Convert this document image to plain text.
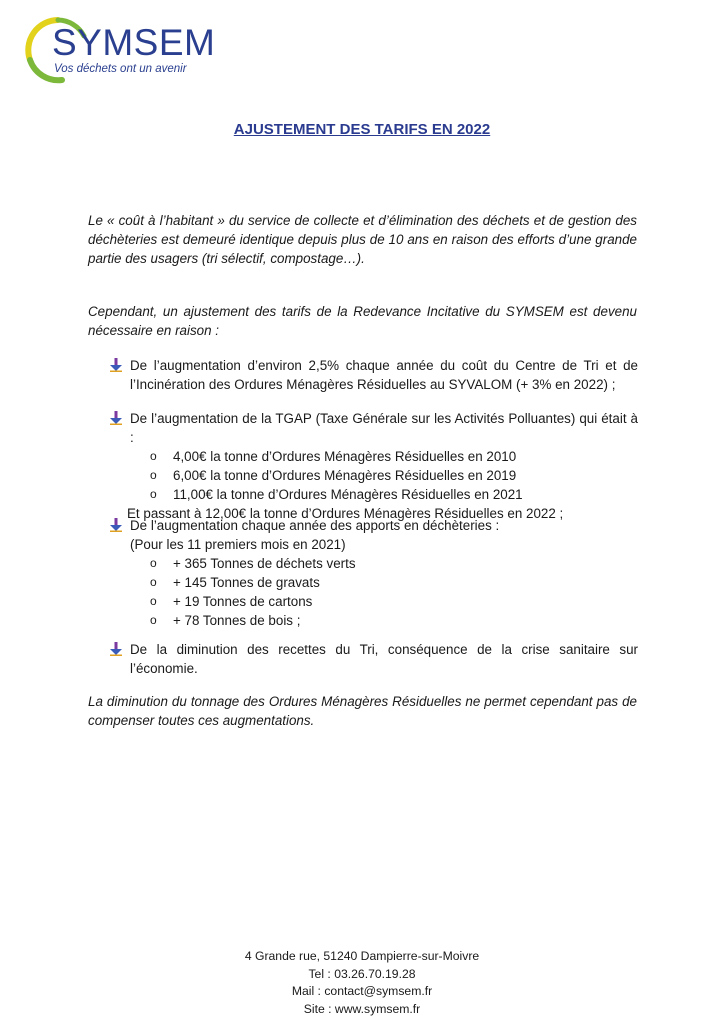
SYMSEM
Vos déchets ont un avenir
AJUSTEMENT DES TARIFS EN 2022

Le « coût à l’habitant » du service de collecte et d’élimination des déchets et de gestion des déchèteries est demeuré identique depuis plus de 10 ans en raison des efforts d’une grande partie des usagers (tri sélectif, compostage…).

Cependant, un ajustement des tarifs de la Redevance Incitative du SYMSEM est devenu nécessaire en raison :

De l’augmentation d’environ 2,5% chaque année du coût du Centre de Tri et de l’Incinération des Ordures Ménagères Résiduelles au SYVALOM (+ 3% en 2022) ;
De l’augmentation de la TGAP (Taxe Générale sur les Activités Polluantes) qui était à :
o 4,00€ la tonne d’Ordures Ménagères Résiduelles en 2010
o 6,00€ la tonne d’Ordures Ménagères Résiduelles en 2019
o 11,00€ la tonne d’Ordures Ménagères Résiduelles en 2021
Et passant à 12,00€ la tonne d’Ordures Ménagères Résiduelles en 2022 ;
De l’augmentation chaque année des apports en déchèteries :
(Pour les 11 premiers mois en 2021)
o + 365 Tonnes de déchets verts
o + 145 Tonnes de gravats
o + 19 Tonnes de cartons
o + 78 Tonnes de bois ;
De la diminution des recettes du Tri, conséquence de la crise sanitaire sur l’économie.

La diminution du tonnage des Ordures Ménagères Résiduelles ne permet cependant pas de compenser toutes ces augmentations.

4 Grande rue, 51240 Dampierre-sur-Moivre
Tel : 03.26.70.19.28
Mail : contact@symsem.fr
Site : www.symsem.fr
